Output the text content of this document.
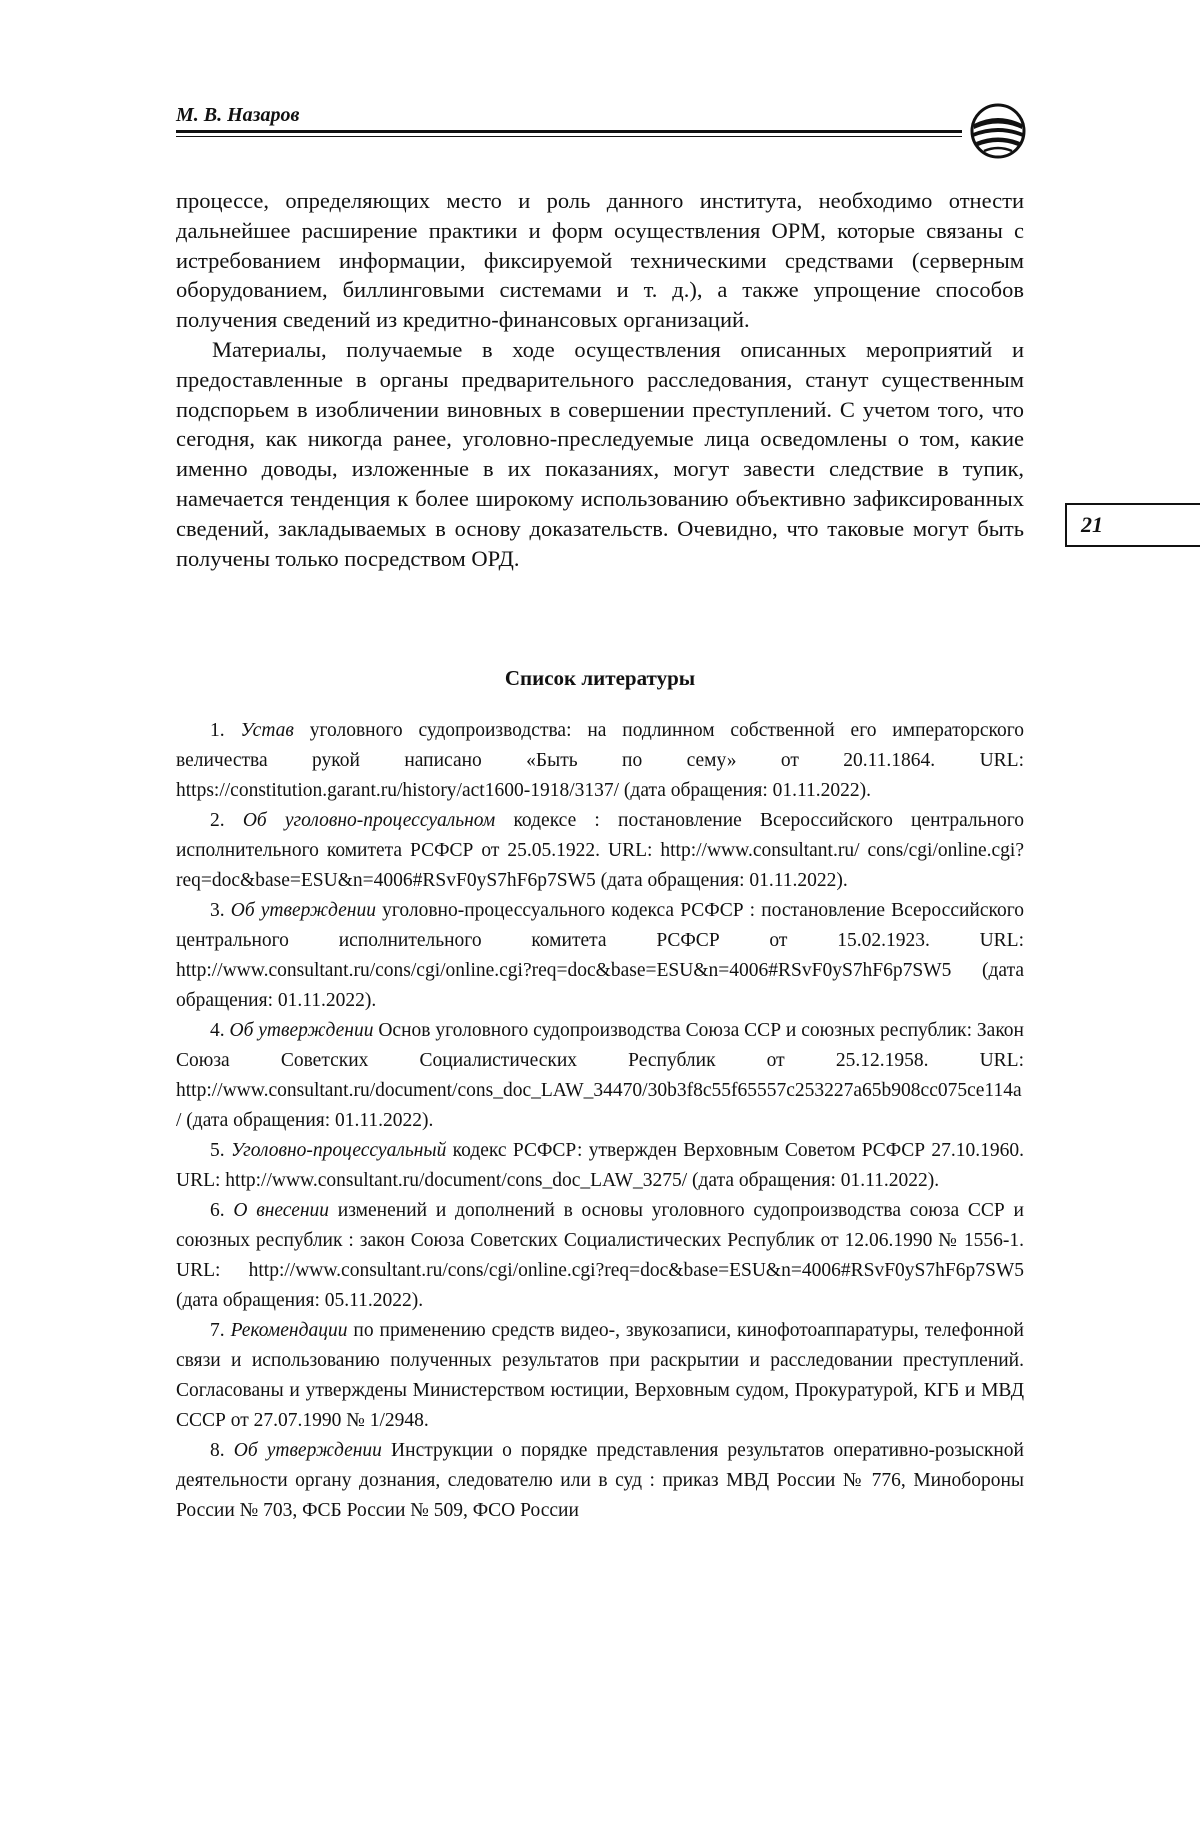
М. В. Назаров
21

процессе, определяющих место и роль данного института, необходимо отнести дальнейшее расширение практики и форм осуществления ОРМ, которые связаны с истребованием информации, фиксируемой техническими средствами (серверным оборудованием, биллинговыми системами и т. д.), а также упрощение способов получения сведений из кредитно-финансовых организаций.

Материалы, получаемые в ходе осуществления описанных мероприятий и предоставленные в органы предварительного расследования, станут существенным подспорьем в изобличении виновных в совершении преступлений. С учетом того, что сегодня, как никогда ранее, уголовно-преследуемые лица осведомлены о том, какие именно доводы, изложенные в их показаниях, могут завести следствие в тупик, намечается тенденция к более широкому использованию объективно зафиксированных сведений, закладываемых в основу доказательств. Очевидно, что таковые могут быть получены только посредством ОРД.

Список литературы

1. Устав уголовного судопроизводства: на подлинном собственной его императорского величества рукой написано «Быть по сему» от 20.11.1864. URL: https://constitution.garant.ru/history/act1600-1918/3137/ (дата обращения: 01.11.2022).

2. Об уголовно-процессуальном кодексе : постановление Всероссийского центрального исполнительного комитета РСФСР от 25.05.1922. URL: http://www.consultant.ru/ cons/cgi/online.cgi?req=doc&base=ESU&n=4006#RSvF0yS7hF6p7SW5 (дата обращения: 01.11.2022).

3. Об утверждении уголовно-процессуального кодекса РСФСР : постановление Всероссийского центрального исполнительного комитета РСФСР от 15.02.1923. URL: http://www.consultant.ru/cons/cgi/online.cgi?req=doc&base=ESU&n=4006#RSvF0yS7hF6p7SW5 (дата обращения: 01.11.2022).

4. Об утверждении Основ уголовного судопроизводства Союза ССР и союзных республик: Закон Союза Советских Социалистических Республик от 25.12.1958. URL: http://www.consultant.ru/document/cons_doc_LAW_34470/30b3f8c55f65557c253227a65b908cc075ce114a/ (дата обращения: 01.11.2022).

5. Уголовно-процессуальный кодекс РСФСР: утвержден Верховным Советом РСФСР 27.10.1960. URL: http://www.consultant.ru/document/cons_doc_LAW_3275/ (дата обращения: 01.11.2022).

6. О внесении изменений и дополнений в основы уголовного судопроизводства союза ССР и союзных республик : закон Союза Советских Социалистических Республик от 12.06.1990 № 1556-1. URL: http://www.consultant.ru/cons/cgi/online.cgi?req=doc&base=ESU&n=4006#RSvF0yS7hF6p7SW5 (дата обращения: 05.11.2022).

7. Рекомендации по применению средств видео-, звукозаписи, кинофотоаппаратуры, телефонной связи и использованию полученных результатов при раскрытии и расследовании преступлений. Согласованы и утверждены Министерством юстиции, Верховным судом, Прокуратурой, КГБ и МВД СССР от 27.07.1990 № 1/2948.

8. Об утверждении Инструкции о порядке представления результатов оперативно-розыскной деятельности органу дознания, следователю или в суд : приказ МВД России № 776, Минобороны России № 703, ФСБ России № 509, ФСО России
